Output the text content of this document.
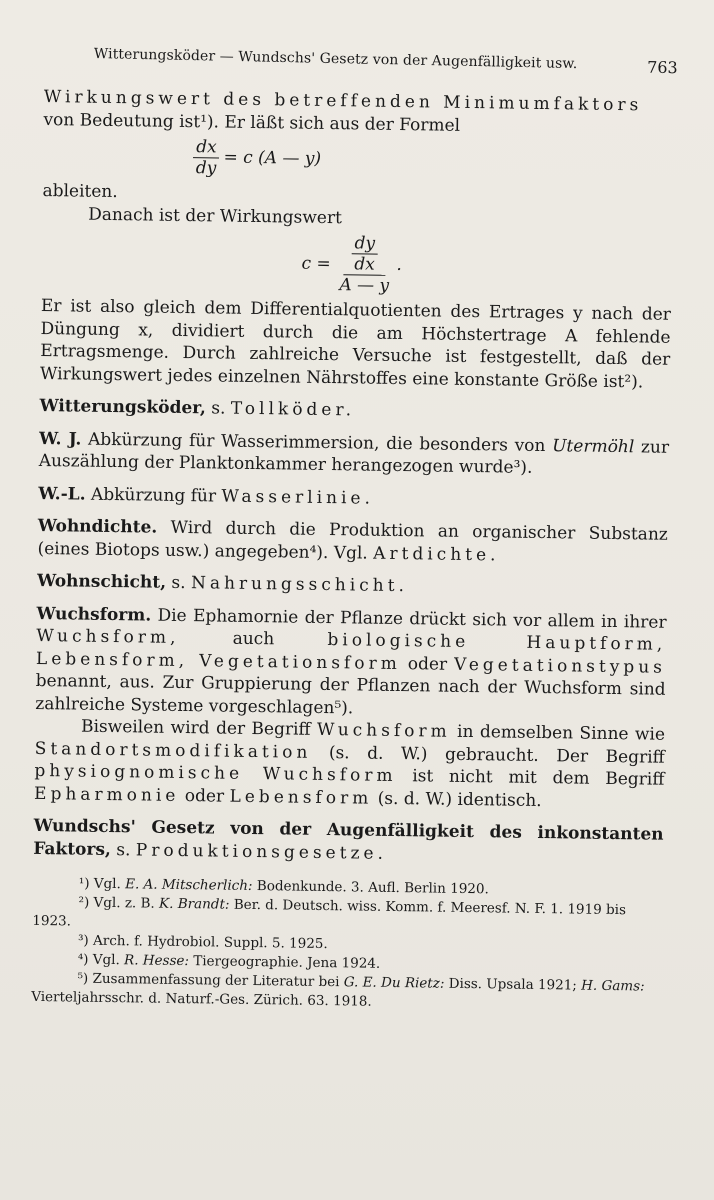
Witterungsköder — Wundschs' Gesetz von der Augenfälligkeit usw.	763

Wirkungswert des betreffenden Minimumfaktors

von Bedeutung ist¹). Er läßt sich aus der Formel

$\frac{dx}{dy} = c$ (A — y)

ableiten.

Danach ist der Wirkungswert

$c = \frac{\frac{dy}{dx}}{A — y}$ .

Er ist also gleich dem Differentialquotienten des Ertrages y nach der Düngung x, dividiert durch die am Höchstertrage A fehlende Ertragsmenge. Durch zahlreiche Versuche ist festgestellt, daß der Wirkungswert jedes einzelnen Nährstoffes eine konstante Größe ist²).

Witterungsköder, s. Tollköder.

W. J. Abkürzung für Wasserimmersion, die besonders von Utermöhl zur Auszählung der Planktonkammer herangezogen wurde³).

W.-L. Abkürzung für Wasserlinie.

Wohndichte. Wird durch die Produktion an organischer Substanz (eines Biotops usw.) angegeben⁴). Vgl. Artdichte.

Wohnschicht, s. Nahrungsschicht.

Wuchsform. Die Ephamornie der Pflanze drückt sich vor allem in ihrer Wuchsform,	auch	biologische Hauptform, Lebensform, Vegetationsform oder Vegetationstypus benannt, aus. Zur Gruppierung der Pflanzen nach der Wuchsform sind zahlreiche Systeme vorgeschlagen⁵).

Bisweilen wird der Begriff Wuchsform in demselben Sinne wie Standortsmodifikation (s. d. W.) gebraucht. Der Begriff physiognomische Wuchsform ist nicht mit dem Begriff Epharmonie oder Lebensform (s. d. W.) identisch.

Wundschs' Gesetz von der Augenfälligkeit des inkonstanten Faktors, s. Produktionsgesetze.

¹) Vgl. E. A. Mitscherlich: Bodenkunde. 3. Aufl. Berlin 1920.

²) Vgl. z. B. K. Brandt: Ber. d. Deutsch. wiss. Komm. f. Meeresf. N. F. 1. 1919 bis 1923.

³) Arch. f. Hydrobiol. Suppl. 5. 1925.

⁴) Vgl. R. Hesse: Tiergeographie. Jena 1924.

⁵) Zusammenfassung der Literatur bei G. E. Du Rietz: Diss. Upsala 1921; H. Gams: Vierteljahrsschr. d. Naturf.-Ges. Zürich. 63. 1918.
